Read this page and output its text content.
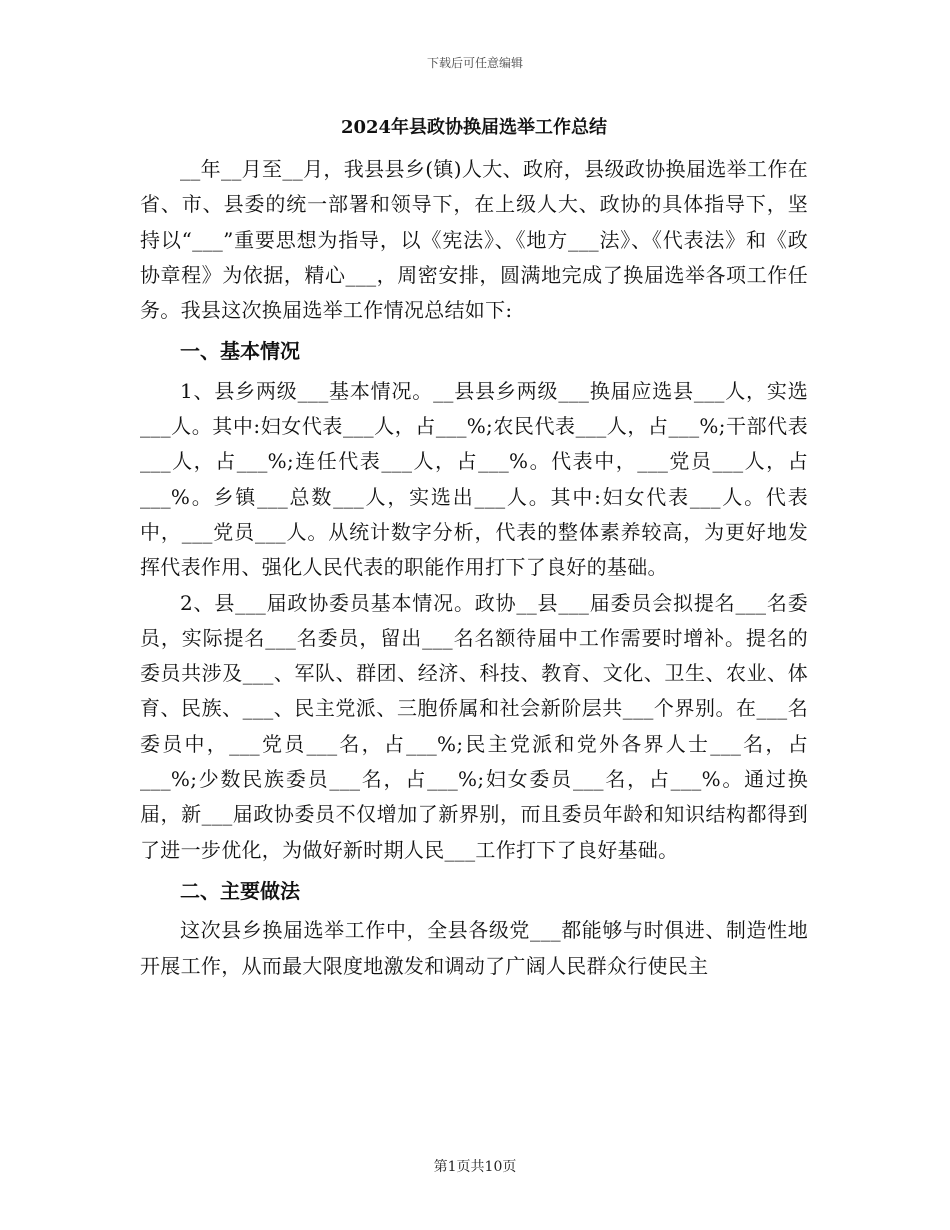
下载后可任意编辑
2024年县政协换届选举工作总结

__年__月至__月，我县县乡(镇)人大、政府，县级政协换届选举工作在省、市、县委的统一部署和领导下，在上级人大、政协的具体指导下，坚持以“___”重要思想为指导，以《宪法》、《地方___法》、《代表法》和《政协章程》为依据，精心___，周密安排，圆满地完成了换届选举各项工作任务。我县这次换届选举工作情况总结如下:

一、基本情况

1、县乡两级___基本情况。__县县乡两级___换届应选县___人，实选___人。其中:妇女代表___人，占___%;农民代表___人，占___%;干部代表___人，占___%;连任代表___人，占___%。代表中，___党员___人，占___%。乡镇___总数___人，实选出___人。其中:妇女代表___人。代表中，___党员___人。从统计数字分析，代表的整体素养较高，为更好地发挥代表作用、强化人民代表的职能作用打下了良好的基础。

2、县___届政协委员基本情况。政协__县___届委员会拟提名___名委员，实际提名___名委员，留出___名名额待届中工作需要时增补。提名的委员共涉及___、军队、群团、经济、科技、教育、文化、卫生、农业、体育、民族、___、民主党派、三胞侨属和社会新阶层共___个界别。在___名委员中，___党员___名，占___%;民主党派和党外各界人士___名，占___%;少数民族委员___名，占___%;妇女委员___名，占___%。通过换届，新___届政协委员不仅增加了新界别，而且委员年龄和知识结构都得到了进一步优化，为做好新时期人民___工作打下了良好基础。

二、主要做法

这次县乡换届选举工作中，全县各级党___都能够与时俱进、制造性地开展工作，从而最大限度地激发和调动了广阔人民群众行使民主

第1页共10页
